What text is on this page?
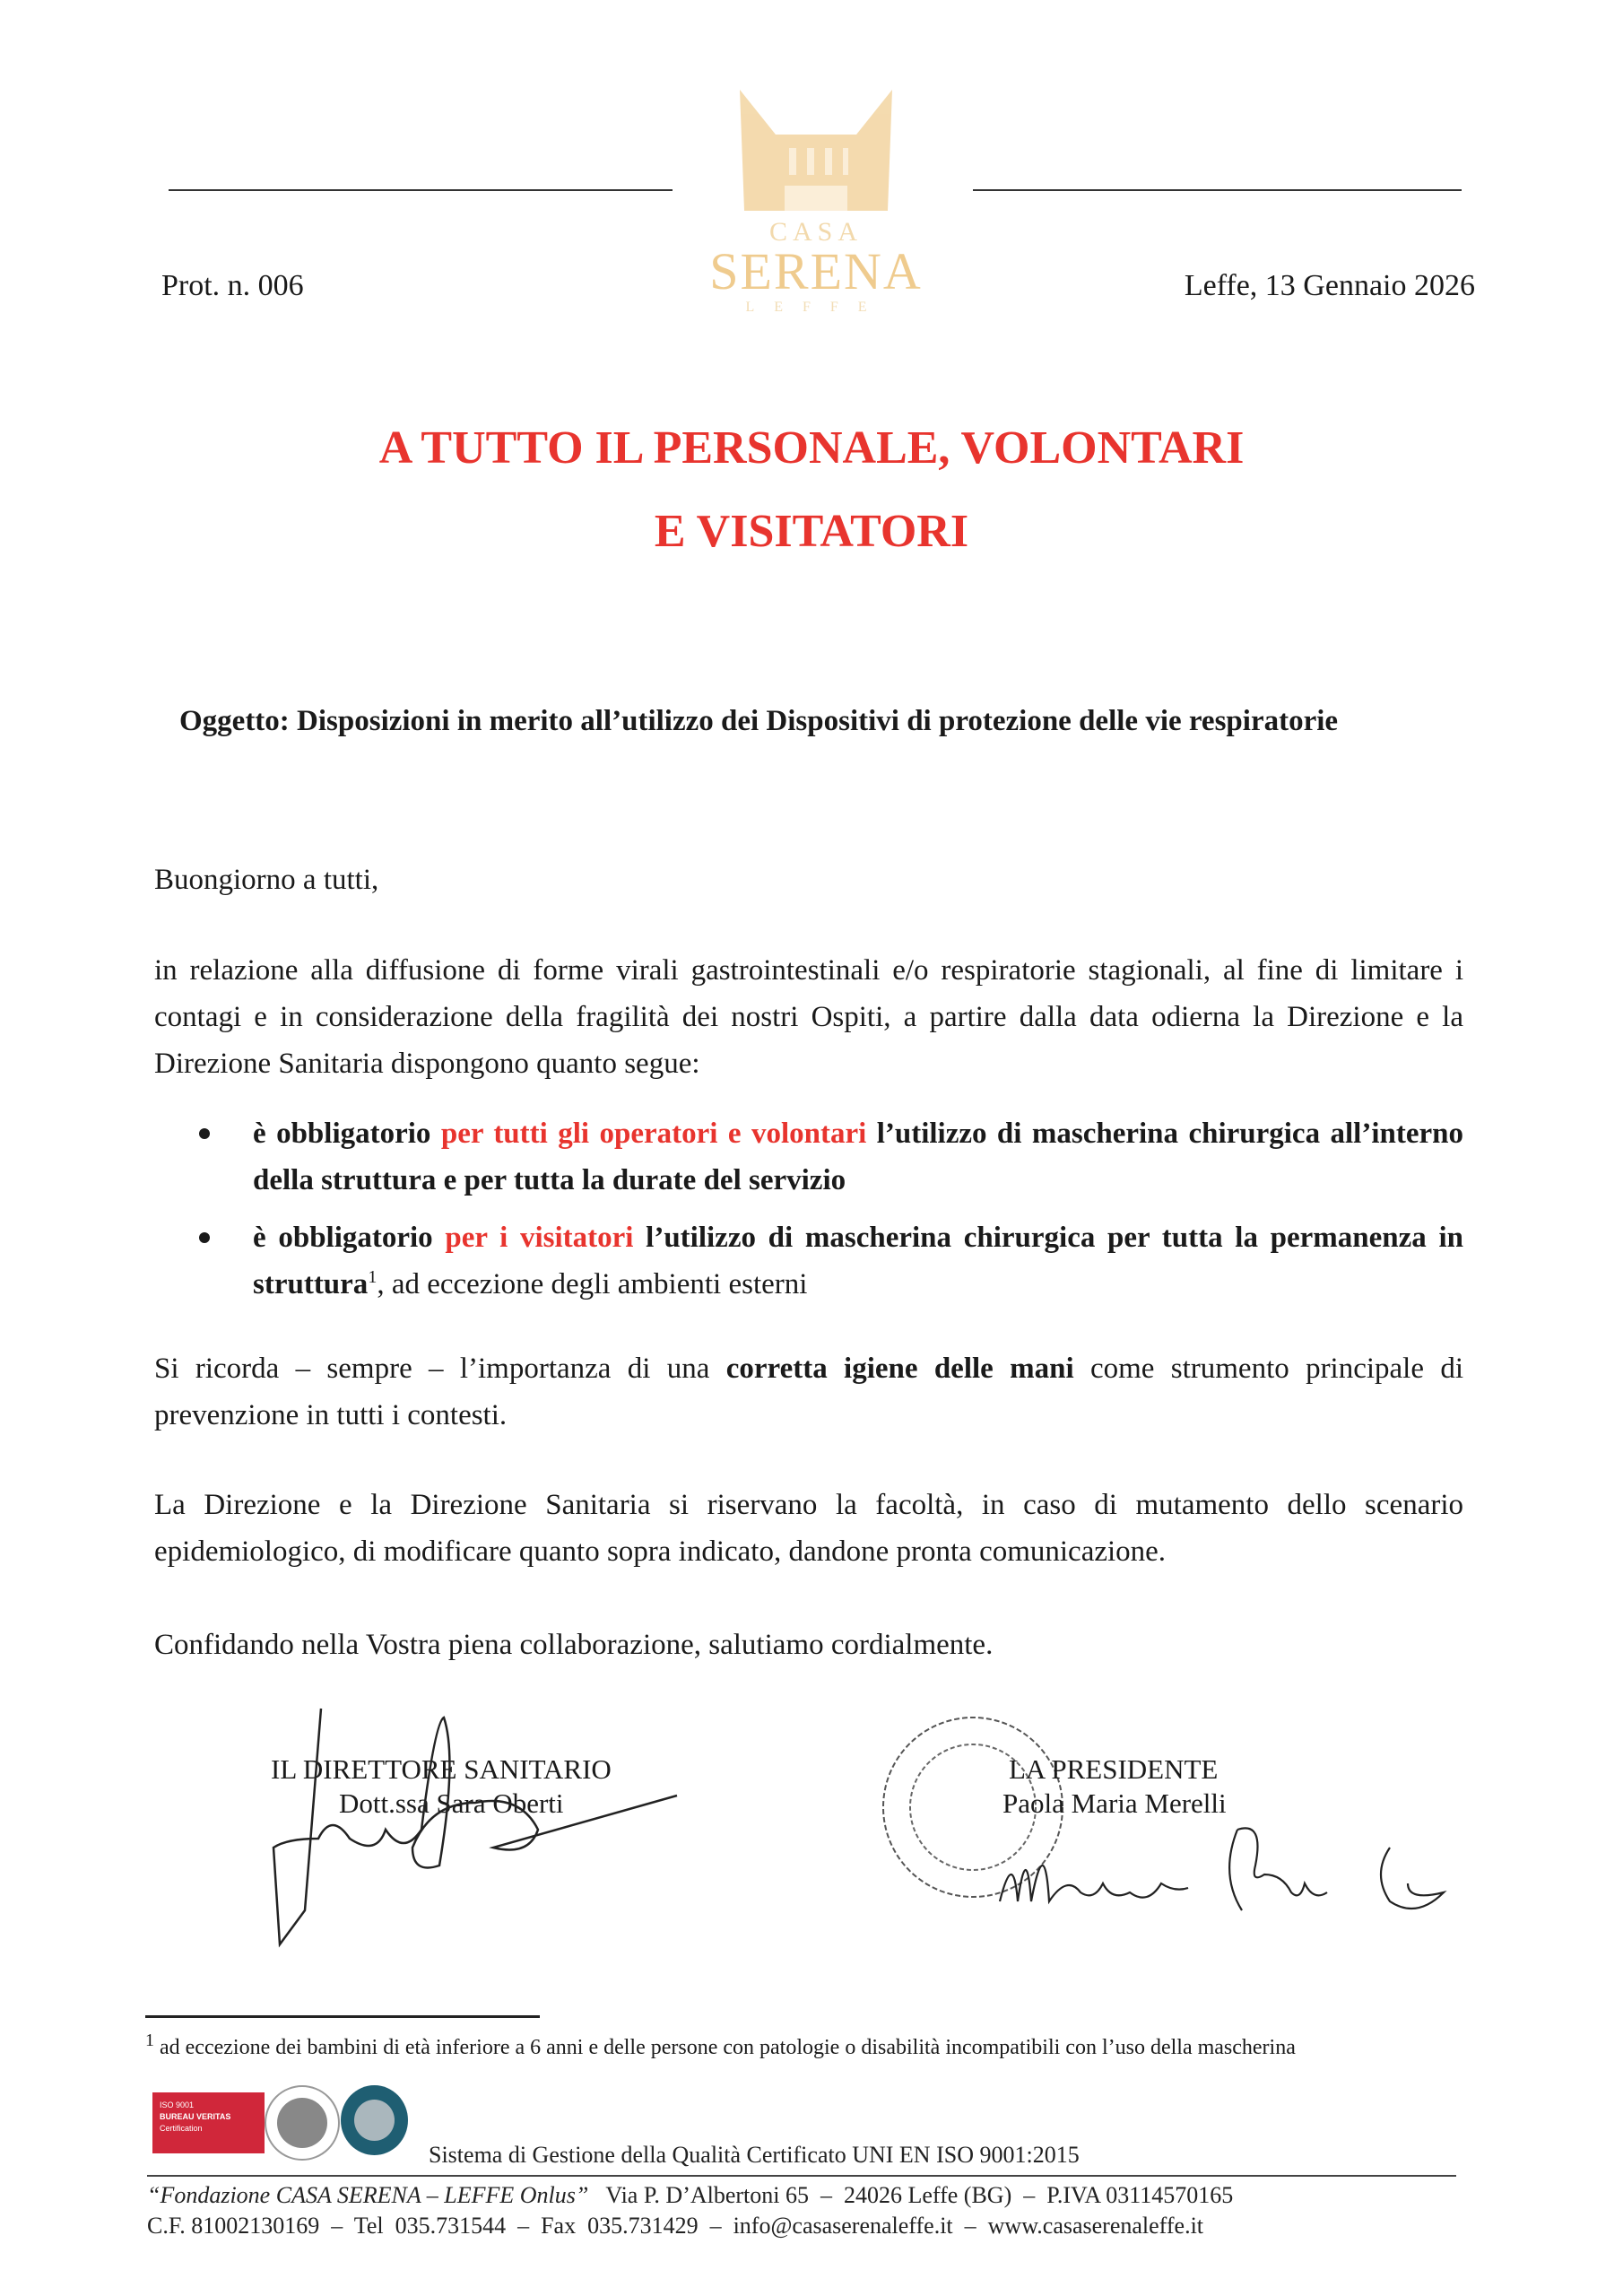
CASA
SERENA
LEFFE
Prot. n. 006	Leffe, 13 Gennaio 2026
A TUTTO IL PERSONALE, VOLONTARI
E VISITATORI
Oggetto: Disposizioni in merito all’utilizzo dei Dispositivi di protezione delle vie respiratorie
Buongiorno a tutti,
in relazione alla diffusione di forme virali gastrointestinali e/o respiratorie stagionali, al fine di limitare i contagi e in considerazione della fragilità dei nostri Ospiti, a partire dalla data odierna la Direzione e la Direzione Sanitaria dispongono quanto segue:
è obbligatorio per tutti gli operatori e volontari l’utilizzo di mascherina chirurgica all’interno della struttura e per tutta la durate del servizio
è obbligatorio per i visitatori l’utilizzo di mascherina chirurgica per tutta la permanenza in struttura$^1$, ad eccezione degli ambienti esterni
Si ricorda – sempre – l’importanza di una corretta igiene delle mani come strumento principale di prevenzione in tutti i contesti.
La Direzione e la Direzione Sanitaria si riservano la facoltà, in caso di mutamento dello scenario epidemiologico, di modificare quanto sopra indicato, dandone pronta comunicazione.
Confidando nella Vostra piena collaborazione, salutiamo cordialmente.
IL DIRETTORE SANITARIO
Dott.ssa Sara Oberti
LA PRESIDENTE
Paola Maria Merelli
$^1$ ad eccezione dei bambini di età inferiore a 6 anni e delle persone con patologie o disabilità incompatibili con l’uso della mascherina
ISO 9001
BUREAU VERITAS
Certification
Sistema di Gestione della Qualità Certificato UNI EN ISO 9001:2015
“Fondazione CASA SERENA – LEFFE Onlus”   Via P. D’Albertoni 65  –  24026 Leffe (BG)  –  P.IVA 03114570165
C.F. 81002130169  –  Tel  035.731544  –  Fax  035.731429  –  info@casaserenaleffe.it  –  www.casaserenaleffe.it
